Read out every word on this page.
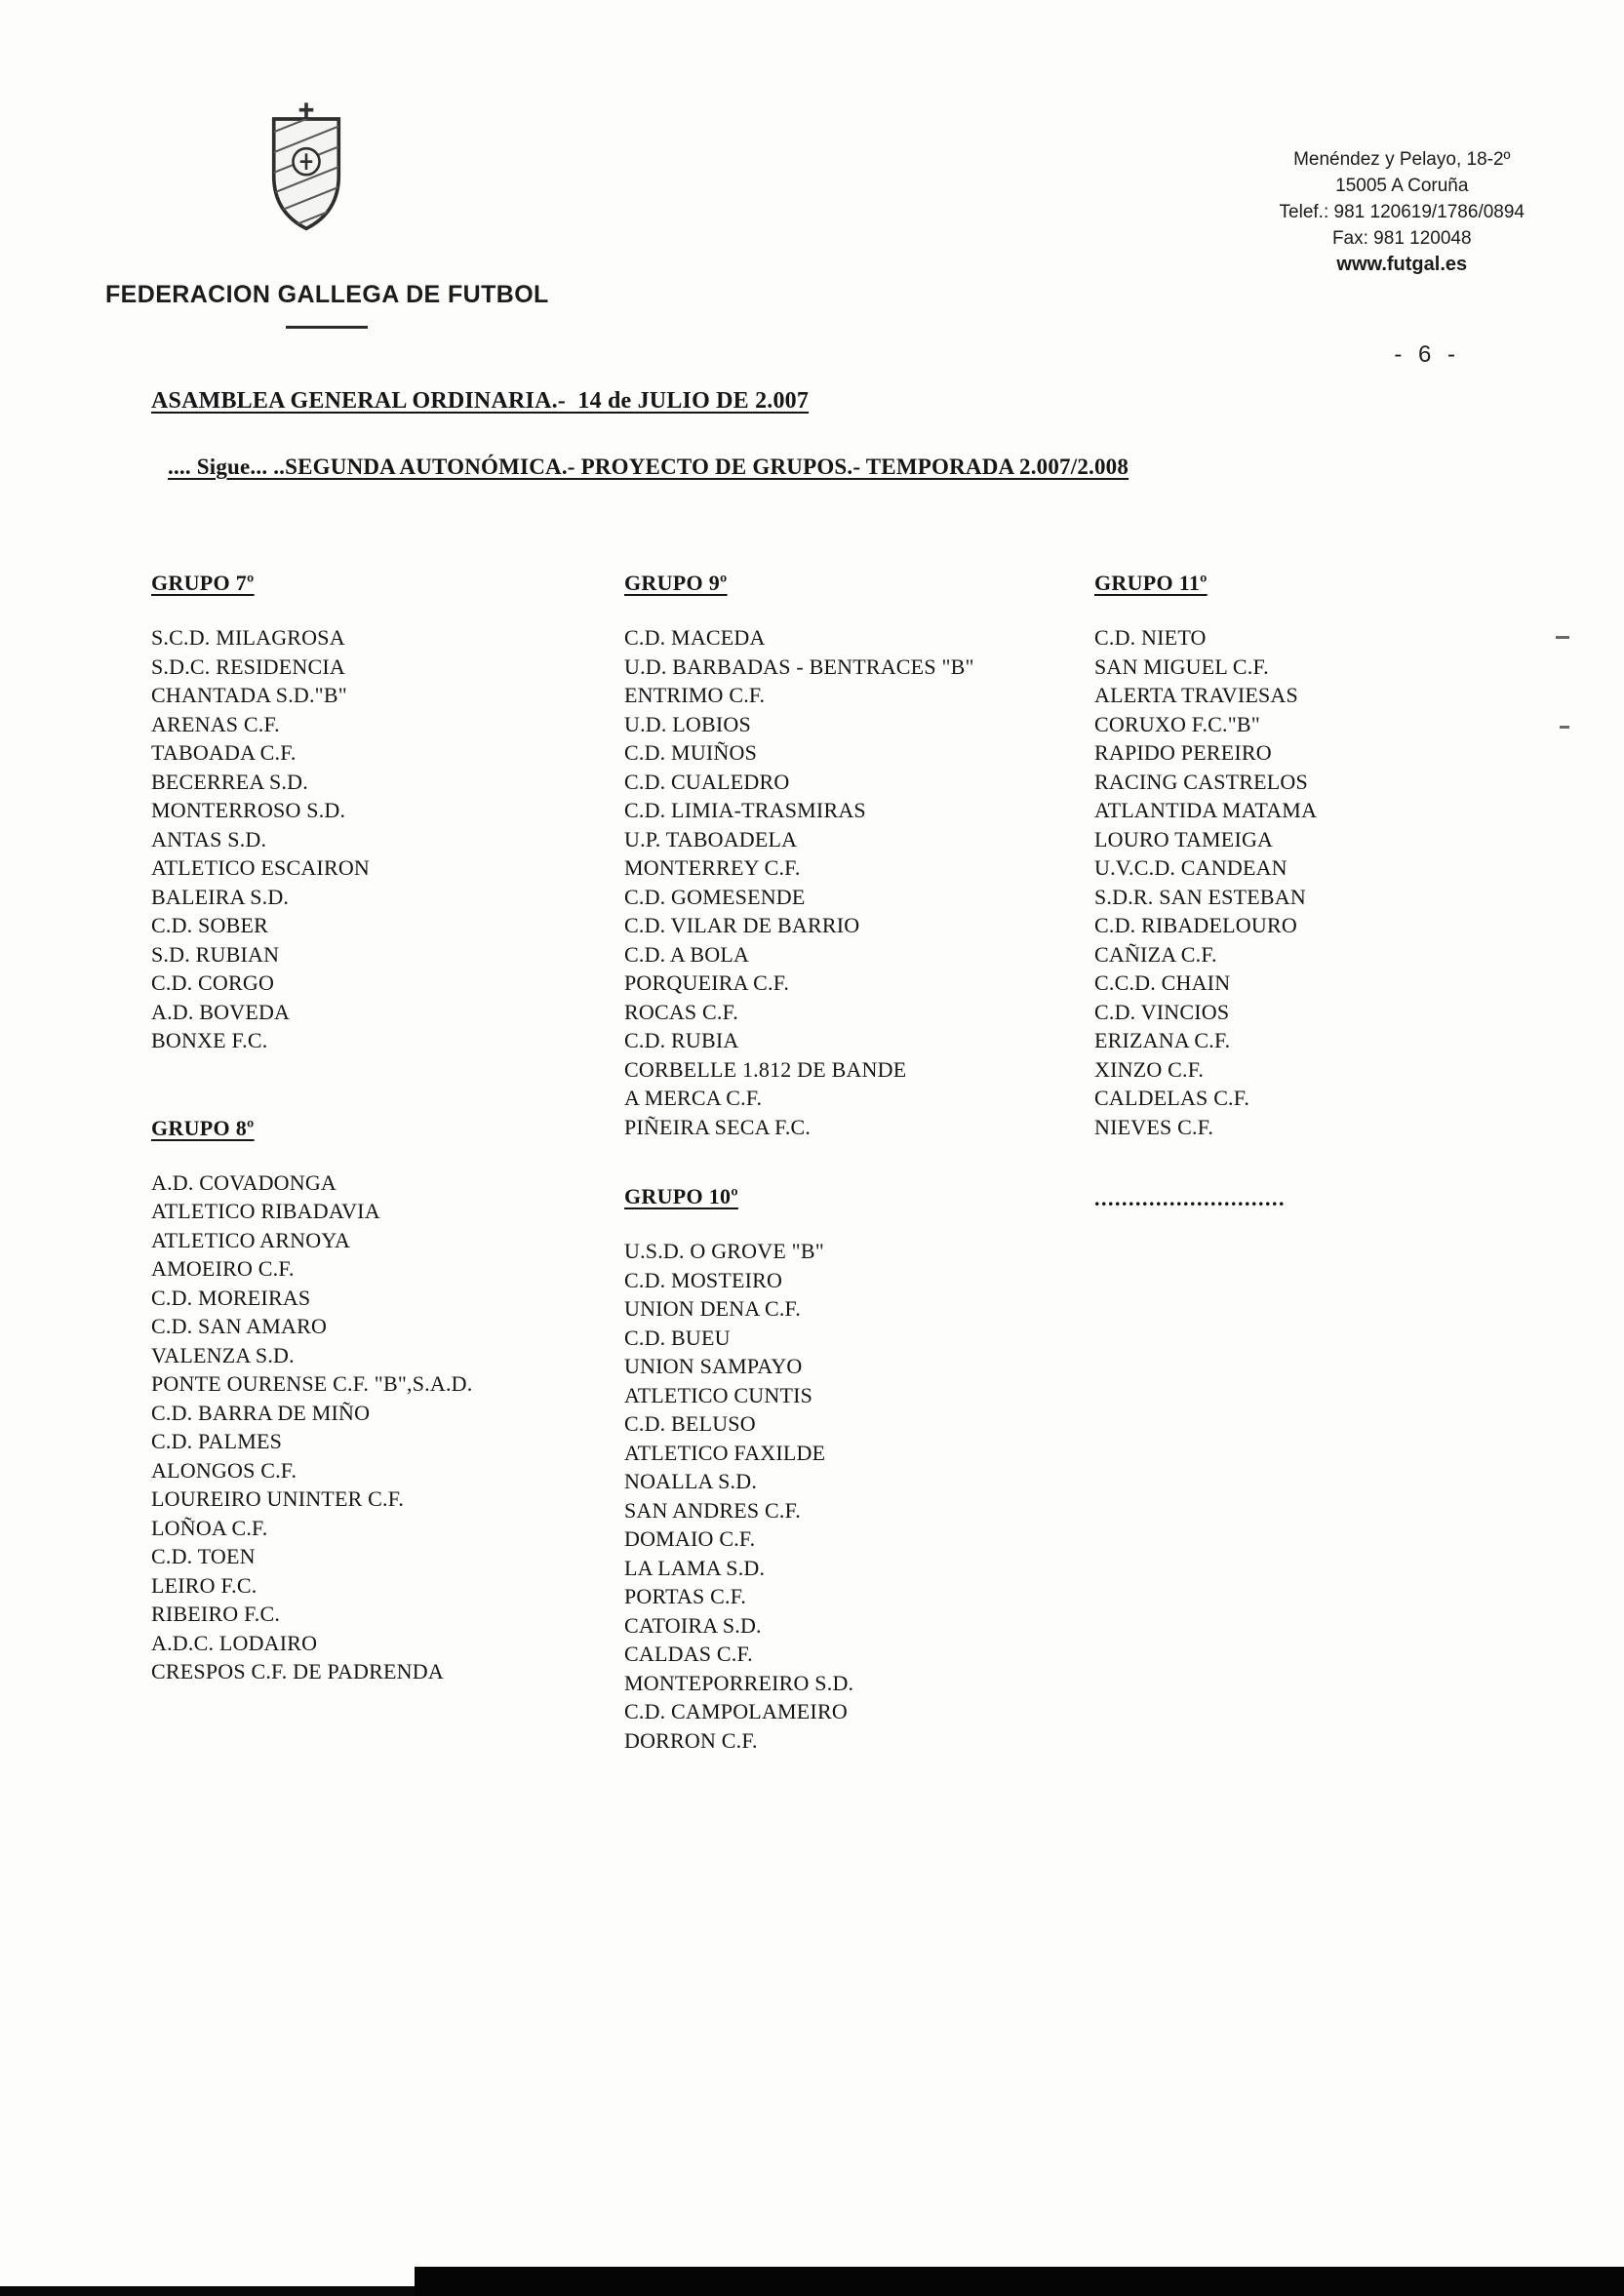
FEDERACION GALLEGA DE FUTBOL
Menéndez y Pelayo, 18-2º
15005 A Coruña
Telef.: 981 120619/1786/0894
Fax: 981 120048
www.futgal.es
- 6 -
ASAMBLEA GENERAL ORDINARIA.-  14 de JULIO DE 2.007
.... Sigue... ..SEGUNDA AUTONÓMICA.- PROYECTO DE GRUPOS.- TEMPORADA 2.007/2.008
GRUPO 7º
S.C.D. MILAGROSA
S.D.C. RESIDENCIA
CHANTADA S.D."B"
ARENAS C.F.
TABOADA C.F.
BECERREA S.D.
MONTERROSO S.D.
ANTAS S.D.
ATLETICO ESCAIRON
BALEIRA S.D.
C.D. SOBER
S.D. RUBIAN
C.D. CORGO
A.D. BOVEDA
BONXE F.C.
GRUPO 8º
A.D. COVADONGA
ATLETICO RIBADAVIA
ATLETICO ARNOYA
AMOEIRO C.F.
C.D. MOREIRAS
C.D. SAN AMARO
VALENZA S.D.
PONTE OURENSE C.F. "B",S.A.D.
C.D. BARRA DE MIÑO
C.D. PALMES
ALONGOS C.F.
LOUREIRO UNINTER C.F.
LOÑOA C.F.
C.D. TOEN
LEIRO F.C.
RIBEIRO F.C.
A.D.C. LODAIRO
CRESPOS C.F. DE PADRENDA
GRUPO 9º
C.D. MACEDA
U.D. BARBADAS - BENTRACES "B"
ENTRIMO C.F.
U.D. LOBIOS
C.D. MUIÑOS
C.D. CUALEDRO
C.D. LIMIA-TRASMIRAS
U.P. TABOADELA
MONTERREY C.F.
C.D. GOMESENDE
C.D. VILAR DE BARRIO
C.D. A BOLA
PORQUEIRA C.F.
ROCAS C.F.
C.D. RUBIA
CORBELLE 1.812 DE BANDE
A MERCA C.F.
PIÑEIRA SECA F.C.
GRUPO 10º
U.S.D. O GROVE "B"
C.D. MOSTEIRO
UNION DENA C.F.
C.D. BUEU
UNION SAMPAYO
ATLETICO CUNTIS
C.D. BELUSO
ATLETICO FAXILDE
NOALLA S.D.
SAN ANDRES C.F.
DOMAIO C.F.
LA LAMA S.D.
PORTAS C.F.
CATOIRA S.D.
CALDAS C.F.
MONTEPORREIRO S.D.
C.D. CAMPOLAMEIRO
DORRON C.F.
GRUPO 11º
C.D. NIETO
SAN MIGUEL C.F.
ALERTA TRAVIESAS
CORUXO F.C."B"
RAPIDO PEREIRO
RACING CASTRELOS
ATLANTIDA MATAMA
LOURO TAMEIGA
U.V.C.D. CANDEAN
S.D.R. SAN ESTEBAN
C.D. RIBADELOURO
CAÑIZA C.F.
C.C.D. CHAIN
C.D. VINCIOS
ERIZANA C.F.
XINZO C.F.
CALDELAS C.F.
NIEVES C.F.
............................
